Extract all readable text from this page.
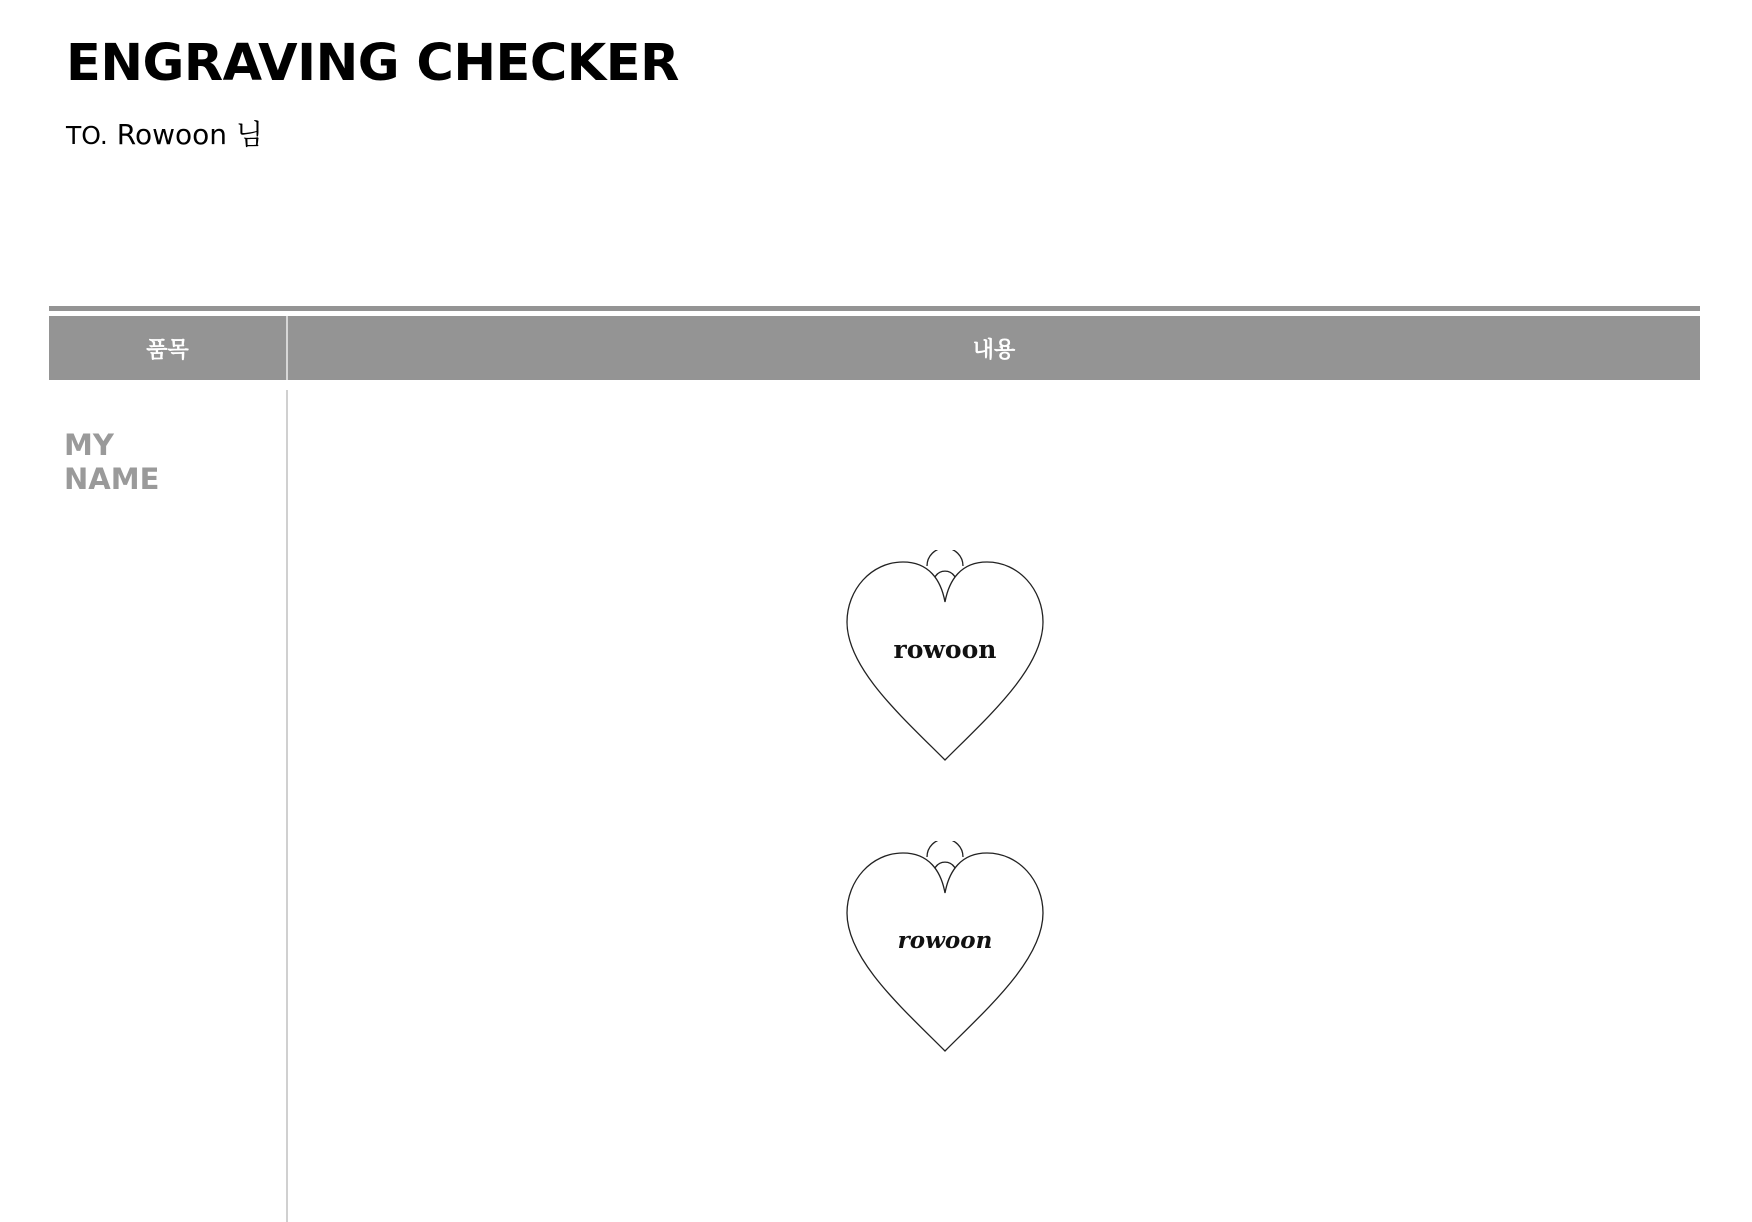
ENGRAVING CHECKER
TO. Rowoon 님
품목	내용
MY
NAME
rowoon
rowoon
